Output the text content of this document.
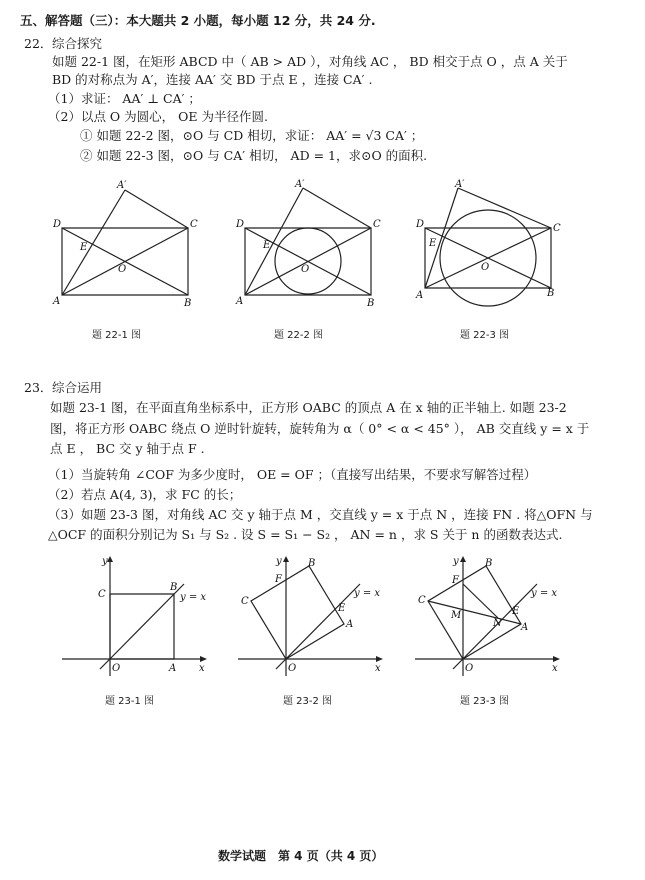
五、解答题（三）：本大题共 2 小题，每小题 12 分，共 24 分.
22． 综合探究
如题 22-1 图，在矩形 ABCD 中（ AB > AD ），对角线 AC ， BD 相交于点 O ，点 A 关于
BD 的对称点为 A′，连接 AA′ 交 BD 于点 E ，连接 CA′ .
（1）求证： AA′ ⊥ CA′ ；
（2）以点 O 为圆心， OE 为半径作圆.
① 如题 22-2 图，⊙O 与 CD 相切，求证： AA′ = √3 CA′ ；
② 如题 22-3 图，⊙O 与 CA′ 相切， AD = 1，求⊙O 的面积.
D	C
A	B
A′
E
O
D	C
A	B
A′
E
O
D	C
A	B
A′
E
O
题 22-1 图	题 22-2 图	题 22-3 图
23． 综合运用
如题 23-1 图，在平面直角坐标系中，正方形 OABC 的顶点 A 在 x 轴的正半轴上. 如题 23-2
图，将正方形 OABC 绕点 O 逆时针旋转，旋转角为 α（ 0° < α < 45° ）， AB 交直线 y = x 于
点 E ， BC 交 y 轴于点 F .
（1）当旋转角 ∠COF 为多少度时， OE = OF ；（直接写出结果，不要求写解答过程）
（2）若点 A(4, 3)，求 FC 的长；
（3）如题 23-3 图，对角线 AC 交 y 轴于点 M ，交直线 y = x 于点 N ，连接 FN . 将△OFN 与
△OCF 的面积分别记为 S₁ 与 S₂ . 设 S = S₁ − S₂ ， AN = n ，求 S 关于 n 的函数表达式.
y
x
C
B
y = x
O	A
y
x
C
B
F
E
A
y = x
O
y
x
C
B
F
M
N
E
A
y = x
O
题 23-1 图	题 23-2 图	题 23-3 图
数学试题　第 4 页（共 4 页）
